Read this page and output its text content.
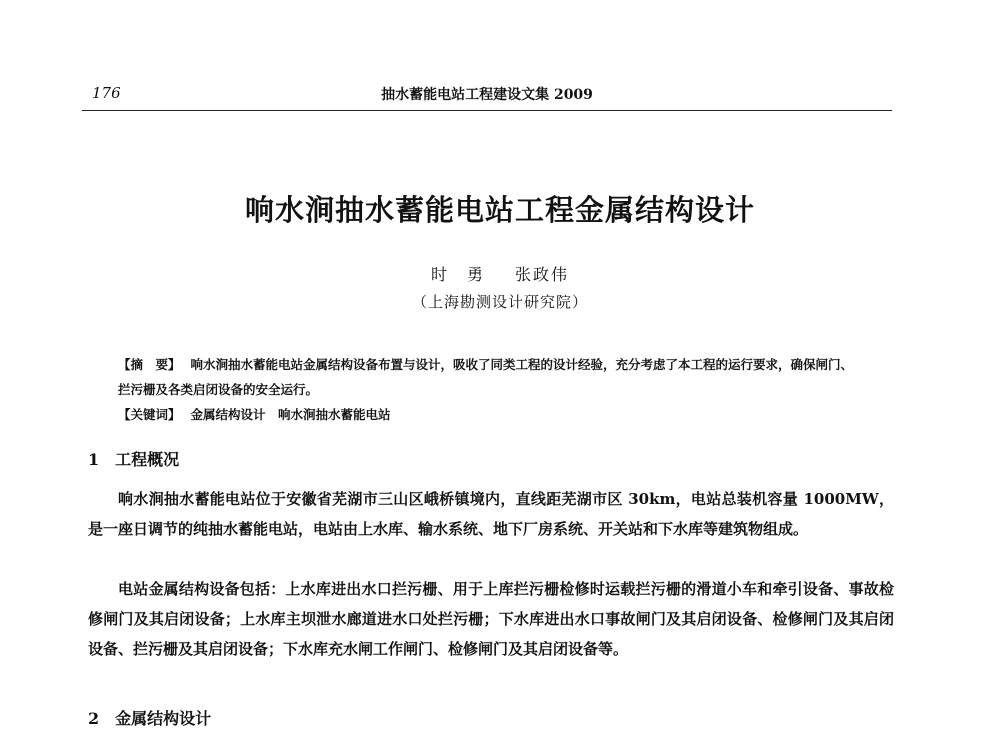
176	抽水蓄能电站工程建设文集 2009
响水涧抽水蓄能电站工程金属结构设计
时　勇 张政伟
（上海勘测设计研究院）
【摘　要】 响水涧抽水蓄能电站金属结构设备布置与设计，吸收了同类工程的设计经验，充分考虑了本工程的运行要求，确保闸门、拦污栅及各类启闭设备的安全运行。
【关键词】 金属结构设计　响水涧抽水蓄能电站
1 工程概况

响水涧抽水蓄能电站位于安徽省芜湖市三山区峨桥镇境内，直线距芜湖市区 30km，电站总装机容量 1000MW，是一座日调节的纯抽水蓄能电站，电站由上水库、输水系统、地下厂房系统、开关站和下水库等建筑物组成。

电站金属结构设备包括：上水库进出水口拦污栅、用于上库拦污栅检修时运载拦污栅的滑道小车和牵引设备、事故检修闸门及其启闭设备；上水库主坝泄水廊道进水口处拦污栅；下水库进出水口事故闸门及其启闭设备、检修闸门及其启闭设备、拦污栅及其启闭设备；下水库充水闸工作闸门、检修闸门及其启闭设备等。

2 金属结构设计
